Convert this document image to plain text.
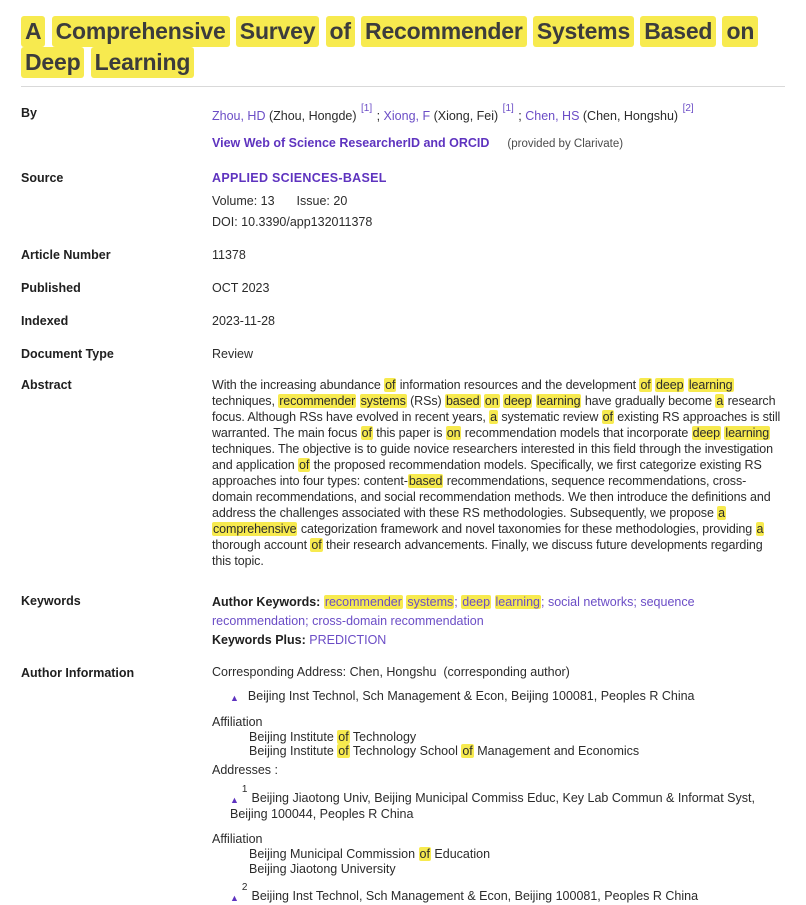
A Comprehensive Survey of Recommender Systems Based on Deep Learning
By	Zhou, HD (Zhou, Hongde) [1] ; Xiong, F (Xiong, Fei) [1] ; Chen, HS (Chen, Hongshu) [2]
View Web of Science ResearcherID and ORCID (provided by Clarivate)
Source	APPLIED SCIENCES-BASEL
Volume: 13 Issue: 20
DOI: 10.3390/app132011378
Article Number	11378
Published	OCT 2023
Indexed	2023-11-28
Document Type	Review
Abstract	With the increasing abundance of information resources and the development of deep learning techniques, recommender systems (RSs) based on deep learning have gradually become a research focus. Although RSs have evolved in recent years, a systematic review of existing RS approaches is still warranted. The main focus of this paper is on recommendation models that incorporate deep learning techniques. The objective is to guide novice researchers interested in this field through the investigation and application of the proposed recommendation models. Specifically, we first categorize existing RS approaches into four types: content-based recommendations, sequence recommendations, cross-domain recommendations, and social recommendation methods. We then introduce the definitions and address the challenges associated with these RS methodologies. Subsequently, we propose a comprehensive categorization framework and novel taxonomies for these methodologies, providing a thorough account of their research advancements. Finally, we discuss future developments regarding this topic.
Keywords	Author Keywords: recommender systems; deep learning; social networks; sequence recommendation; cross-domain recommendation
Keywords Plus: PREDICTION
Author Information	Corresponding Address: Chen, Hongshu  (corresponding author)
▲ Beijing Inst Technol, Sch Management & Econ, Beijing 100081, Peoples R China
Affiliation
Beijing Institute of Technology
Beijing Institute of Technology School of Management and Economics
Addresses :
▲$^1$Beijing Jiaotong Univ, Beijing Municipal Commiss Educ, Key Lab Commun & Informat Syst, Beijing 100044, Peoples R China
Affiliation
Beijing Municipal Commission of Education
Beijing Jiaotong University
▲$^2$Beijing Inst Technol, Sch Management & Econ, Beijing 100081, Peoples R China
